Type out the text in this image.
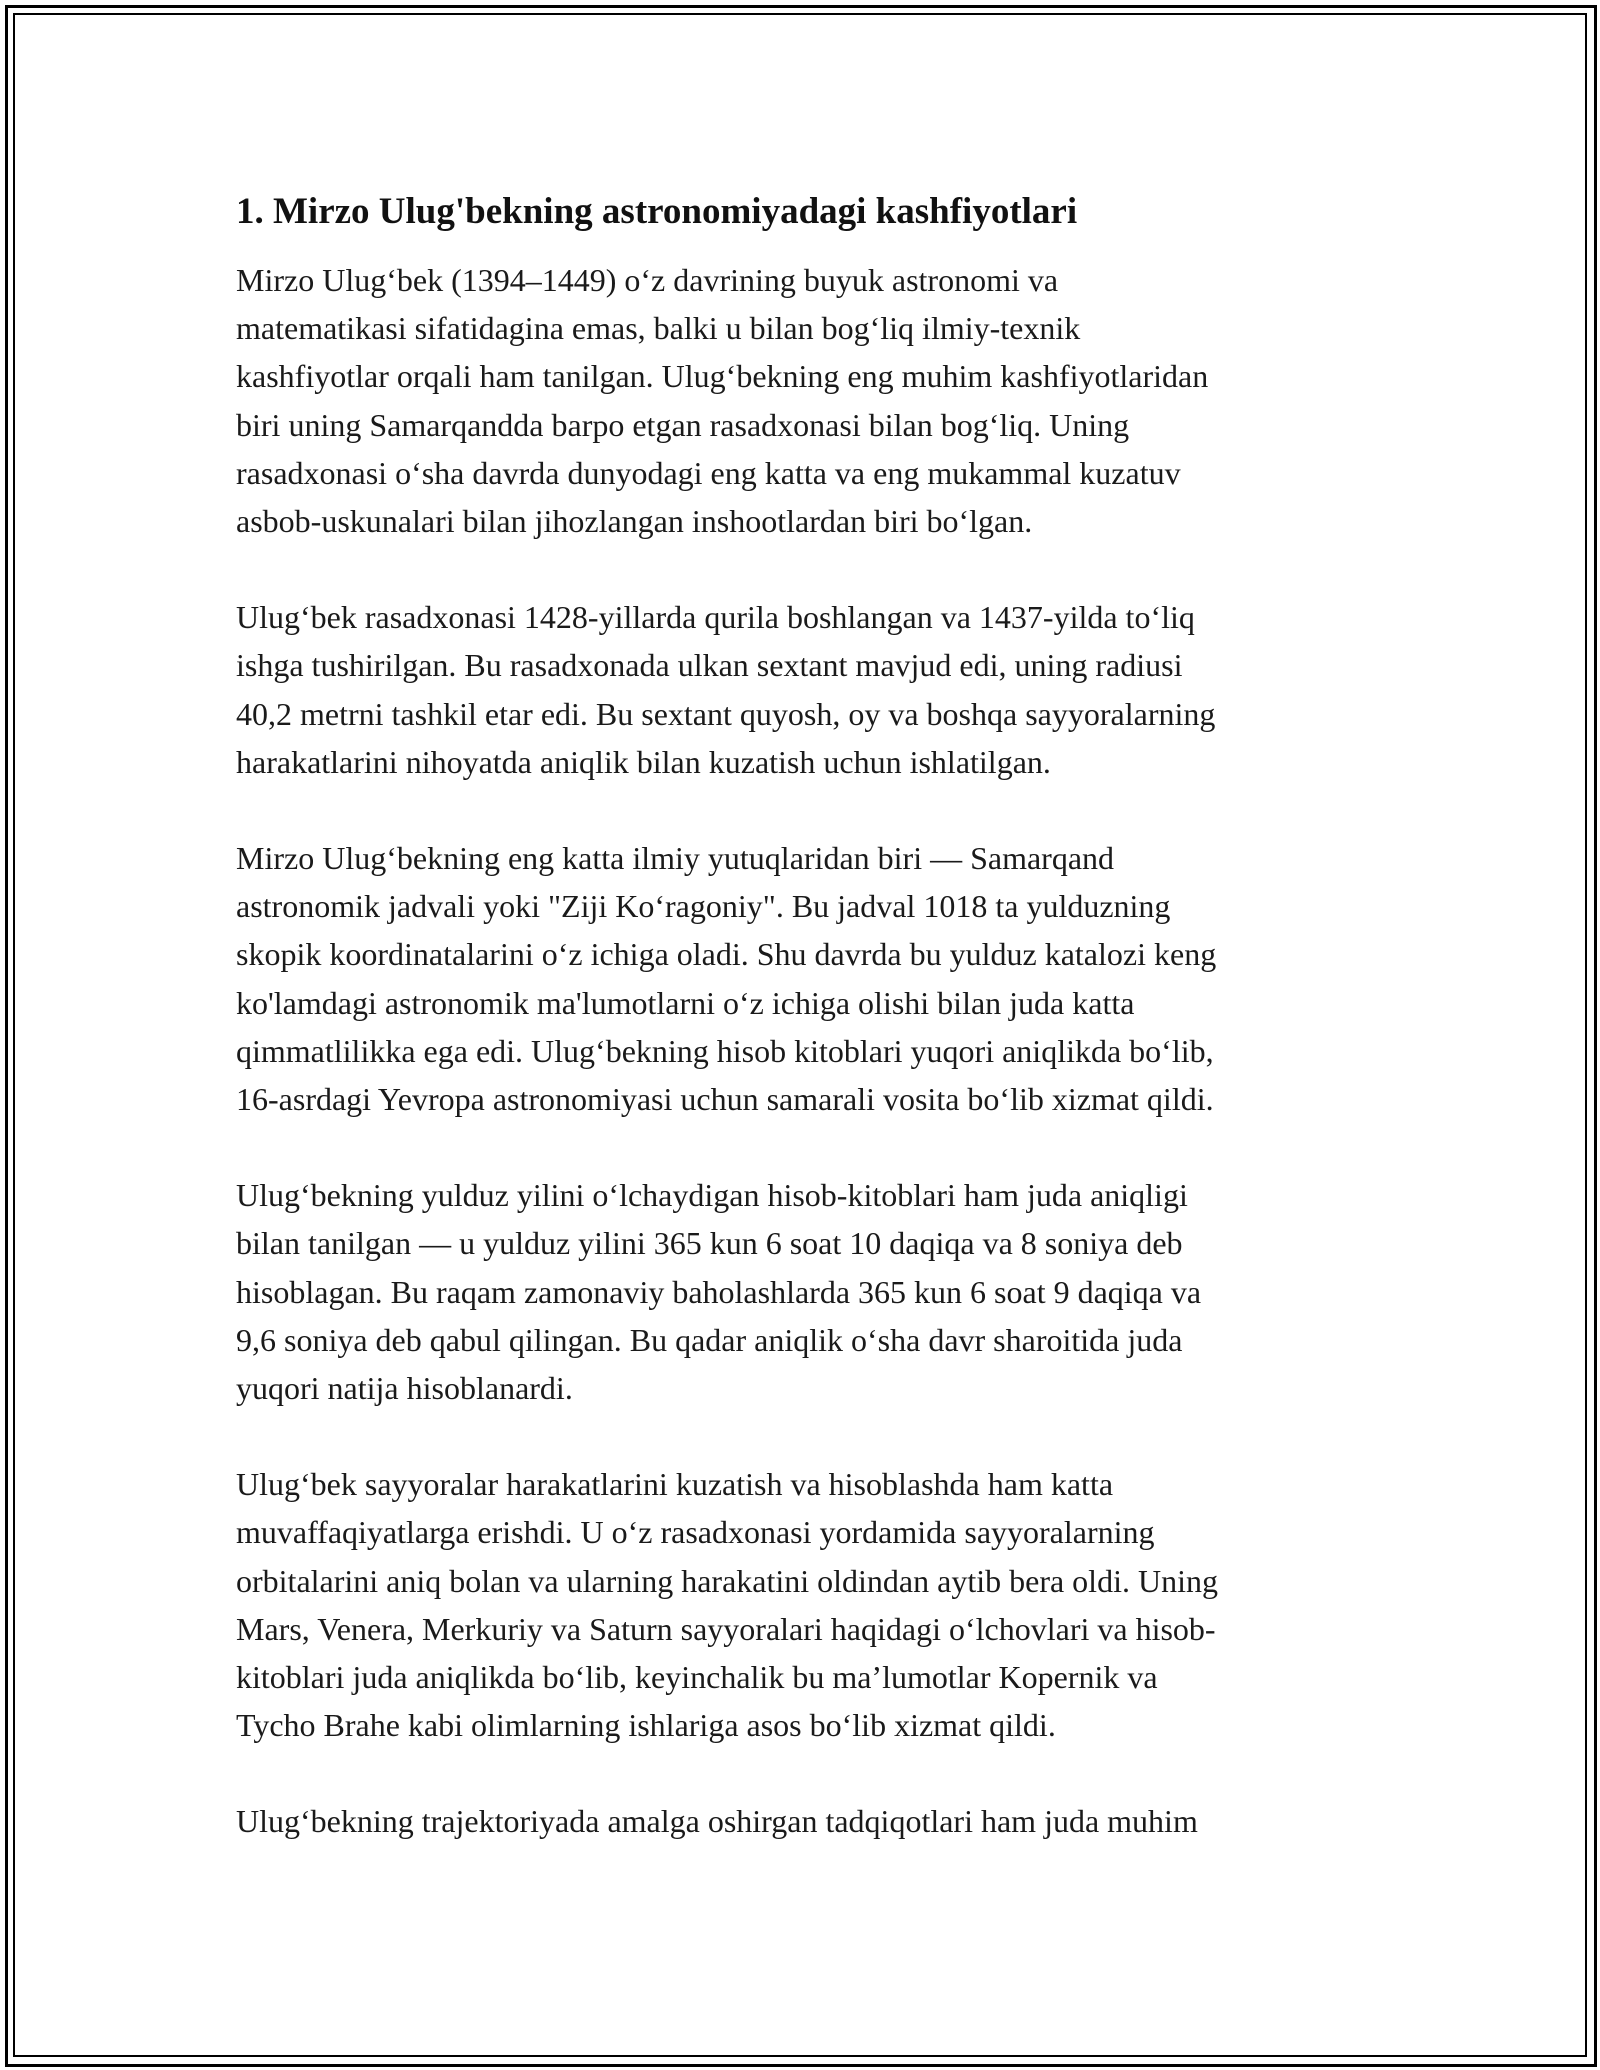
1. Mirzo Ulug'bekning astronomiyadagi kashfiyotlari

Mirzo Ulug‘bek (1394–1449) o‘z davrining buyuk astronomi va
matematikasi sifatidagina emas, balki u bilan bog‘liq ilmiy-texnik
kashfiyotlar orqali ham tanilgan. Ulug‘bekning eng muhim kashfiyotlaridan
biri uning Samarqandda barpo etgan rasadxonasi bilan bog‘liq. Uning
rasadxonasi o‘sha davrda dunyodagi eng katta va eng mukammal kuzatuv
asbob-uskunalari bilan jihozlangan inshootlardan biri bo‘lgan.

Ulug‘bek rasadxonasi 1428-yillarda qurila boshlangan va 1437-yilda to‘liq
ishga tushirilgan. Bu rasadxonada ulkan sextant mavjud edi, uning radiusi
40,2 metrni tashkil etar edi. Bu sextant quyosh, oy va boshqa sayyoralarning
harakatlarini nihoyatda aniqlik bilan kuzatish uchun ishlatilgan.

Mirzo Ulug‘bekning eng katta ilmiy yutuqlaridan biri — Samarqand
astronomik jadvali yoki "Ziji Ko‘ragoniy". Bu jadval 1018 ta yulduzning
skopik koordinatalarini o‘z ichiga oladi. Shu davrda bu yulduz katalozi keng
ko'lamdagi astronomik ma'lumotlarni o‘z ichiga olishi bilan juda katta
qimmatlilikka ega edi. Ulug‘bekning hisob kitoblari yuqori aniqlikda bo‘lib,
16-asrdagi Yevropa astronomiyasi uchun samarali vosita bo‘lib xizmat qildi.

Ulug‘bekning yulduz yilini o‘lchaydigan hisob-kitoblari ham juda aniqligi
bilan tanilgan — u yulduz yilini 365 kun 6 soat 10 daqiqa va 8 soniya deb
hisoblagan. Bu raqam zamonaviy baholashlarda 365 kun 6 soat 9 daqiqa va
9,6 soniya deb qabul qilingan. Bu qadar aniqlik o‘sha davr sharoitida juda
yuqori natija hisoblanardi.

Ulug‘bek sayyoralar harakatlarini kuzatish va hisoblashda ham katta
muvaffaqiyatlarga erishdi. U o‘z rasadxonasi yordamida sayyoralarning
orbitalarini aniq bolan va ularning harakatini oldindan aytib bera oldi. Uning
Mars, Venera, Merkuriy va Saturn sayyoralari haqidagi o‘lchovlari va hisob-
kitoblari juda aniqlikda bo‘lib, keyinchalik bu ma’lumotlar Kopernik va
Tycho Brahe kabi olimlarning ishlariga asos bo‘lib xizmat qildi.

Ulug‘bekning trajektoriyada amalga oshirgan tadqiqotlari ham juda muhim
